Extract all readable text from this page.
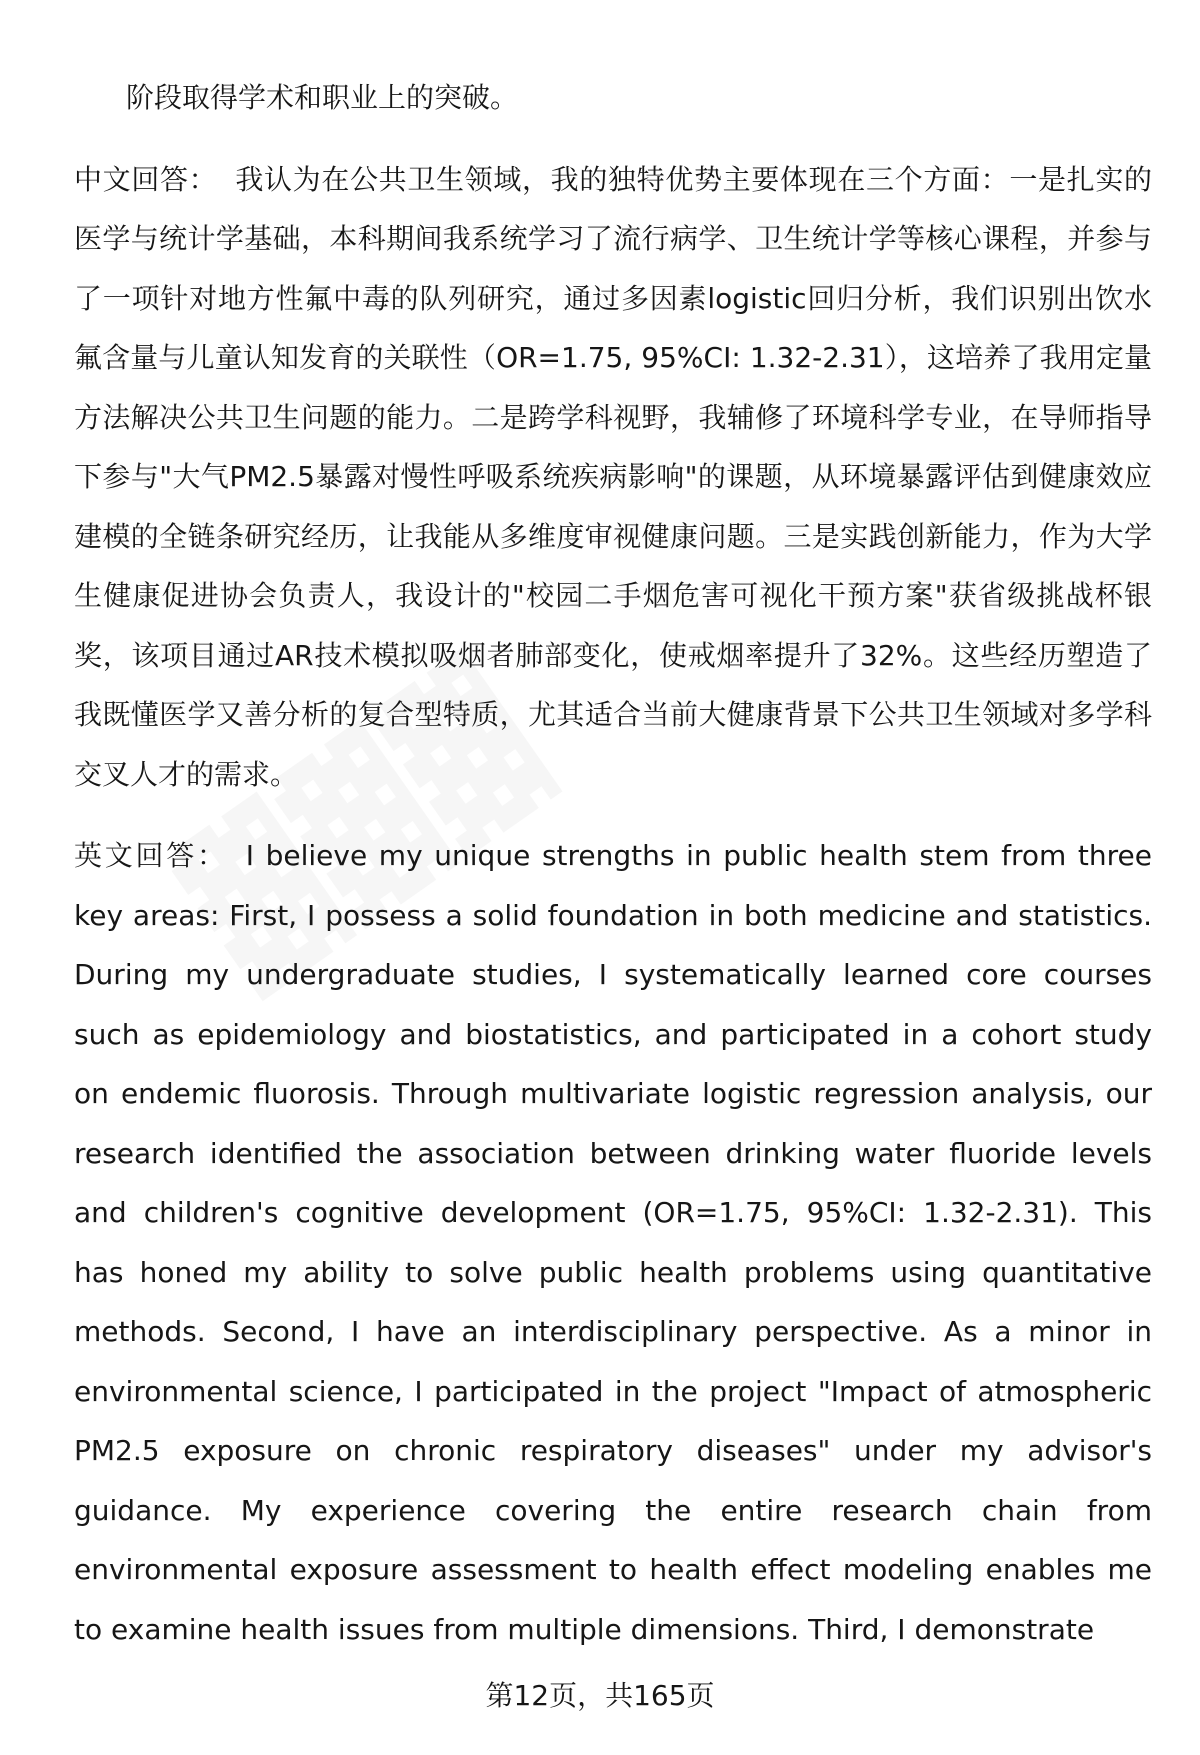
阶段取得学术和职业上的突破。

中文回答： 我认为在公共卫生领域，我的独特优势主要体现在三个方面：一是扎实的医学与统计学基础，本科期间我系统学习了流行病学、卫生统计学等核心课程，并参与了一项针对地方性氟中毒的队列研究，通过多因素logistic回归分析，我们识别出饮水氟含量与儿童认知发育的关联性（OR=1.75, 95%CI: 1.32-2.31），这培养了我用定量方法解决公共卫生问题的能力。二是跨学科视野，我辅修了环境科学专业，在导师指导下参与"大气PM2.5暴露对慢性呼吸系统疾病影响"的课题，从环境暴露评估到健康效应建模的全链条研究经历，让我能从多维度审视健康问题。三是实践创新能力，作为大学生健康促进协会负责人，我设计的"校园二手烟危害可视化干预方案"获省级挑战杯银奖，该项目通过AR技术模拟吸烟者肺部变化，使戒烟率提升了32%。这些经历塑造了我既懂医学又善分析的复合型特质，尤其适合当前大健康背景下公共卫生领域对多学科交叉人才的需求。

英文回答： I believe my unique strengths in public health stem from three key areas: First, I possess a solid foundation in both medicine and statistics. During my undergraduate studies, I systematically learned core courses such as epidemiology and biostatistics, and participated in a cohort study on endemic fluorosis. Through multivariate logistic regression analysis, our research identified the association between drinking water fluoride levels and children's cognitive development (OR=1.75, 95%CI: 1.32-2.31). This has honed my ability to solve public health problems using quantitative methods. Second, I have an interdisciplinary perspective. As a minor in environmental science, I participated in the project "Impact of atmospheric PM2.5 exposure on chronic respiratory diseases" under my advisor's guidance. My experience covering the entire research chain from environmental exposure assessment to health effect modeling enables me to examine health issues from multiple dimensions. Third, I demonstrate

第12页，共165页
